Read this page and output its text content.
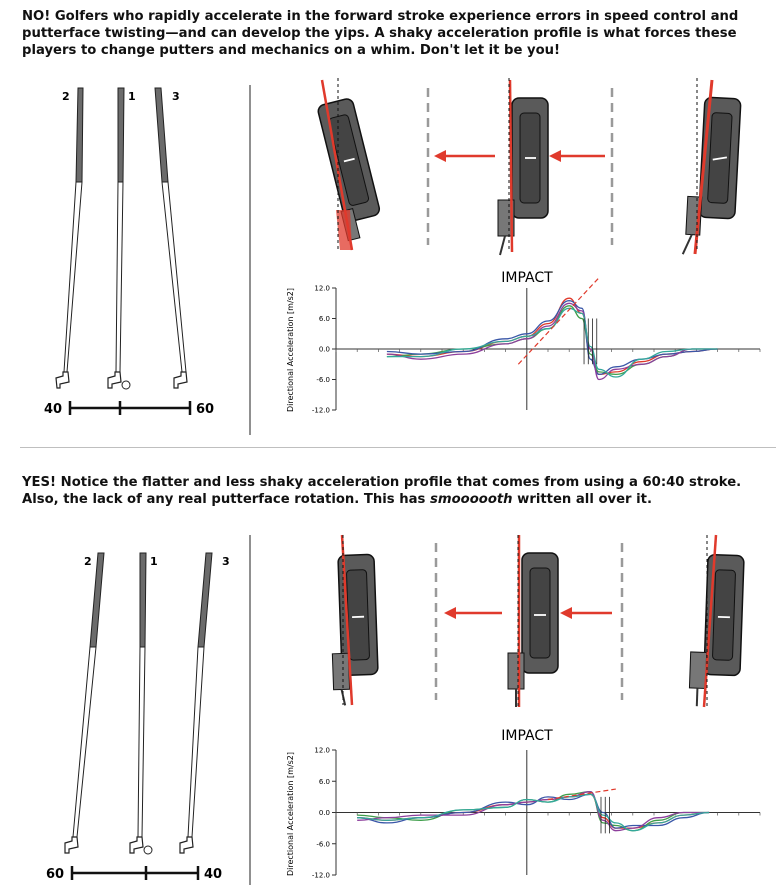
NO! Golfers who rapidly accelerate in the forward stroke experience errors in speed control and putterface twisting—and can develop the yips. A shaky acceleration profile is what forces these players to change putters and mechanics on a whim. Don't let it be you!

2	1	3
40	60
IMPACT
Directional Acceleration [m/s2]	12.0
6.0
0.0
-6.0
-12.0

YES! Notice the flatter and less shaky acceleration profile that comes from using a 60:40 stroke. Also, the lack of any real putterface rotation. This has smoooooth written all over it.

2	1	3
60	40
IMPACT
Directional Acceleration [m/s2]
12.0
6.0
0.0
-6.0
-12.0
